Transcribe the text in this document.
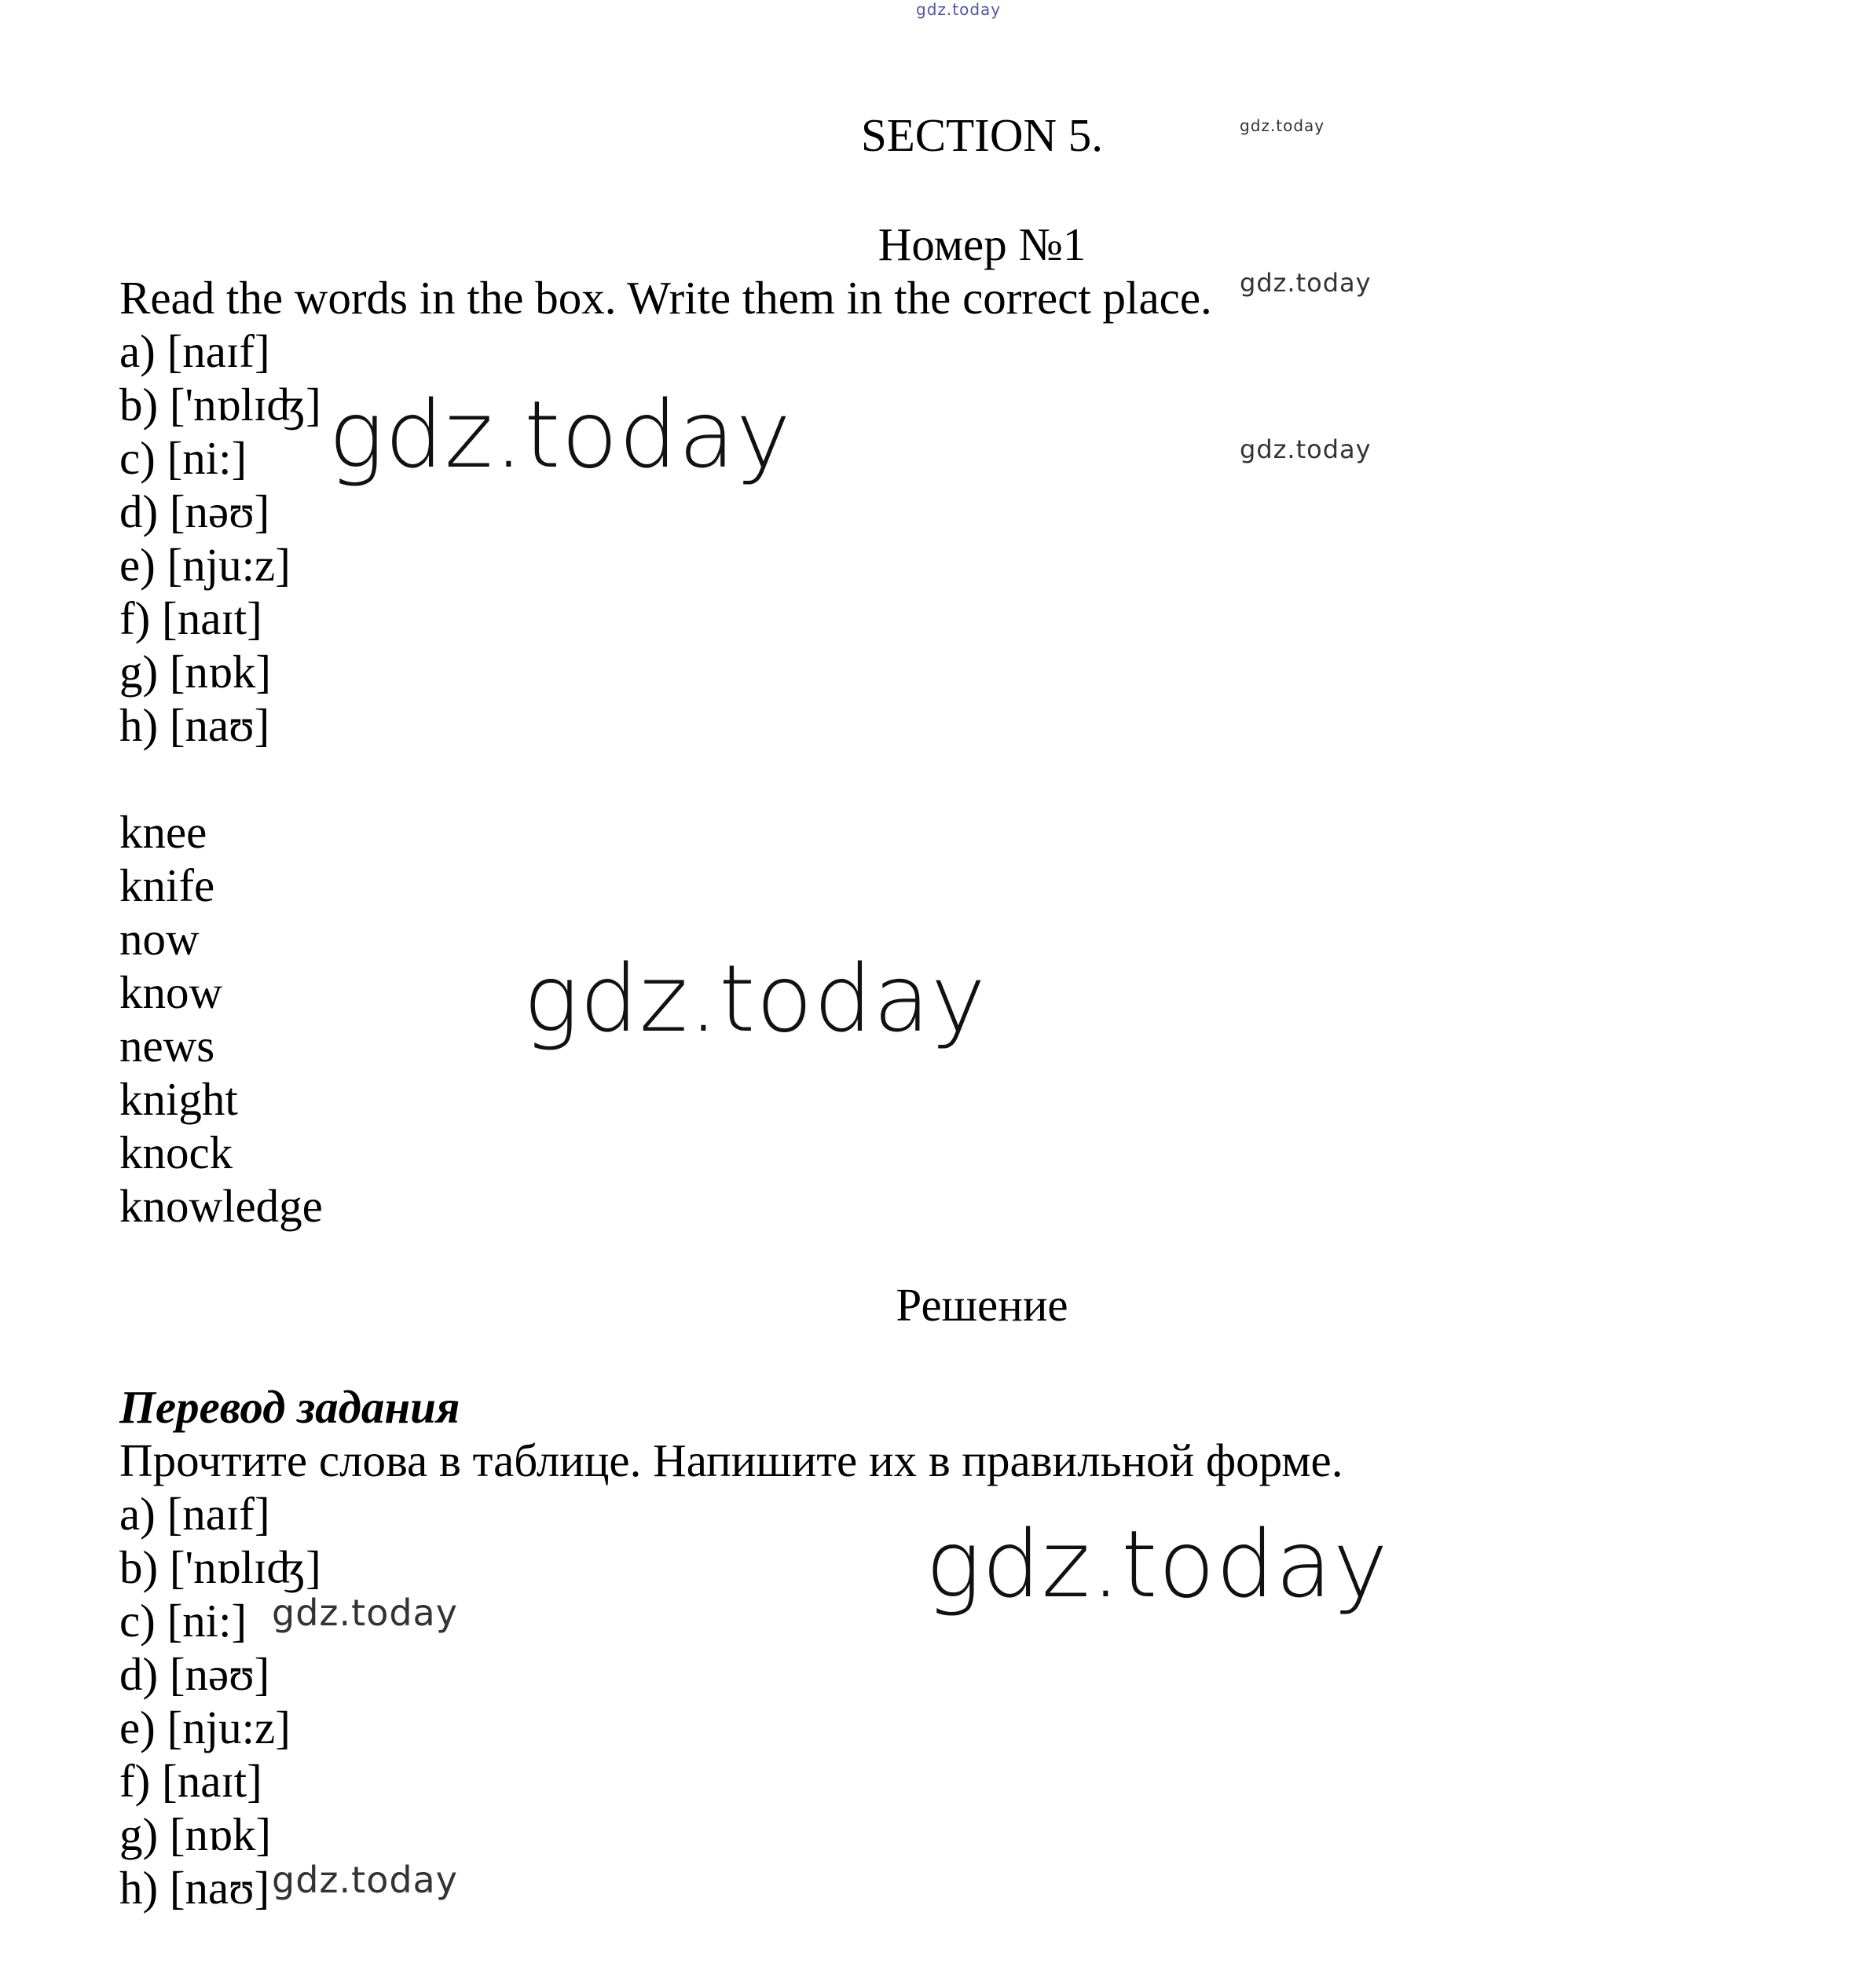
SECTION 5.
Номер №1
Read the words in the box. Write them in the correct place.
a) [naɪf]
b) ['nɒlɪʤ]
c) [ni:]
d) [nəʊ]
e) [nju:z]
f) [naɪt]
g) [nɒk]
h) [naʊ]
knee
knife
now
know
news
knight
knock
knowledge
Решение
Перевод задания
Прочтите слова в таблице. Напишите их в правильной форме.
a) [naɪf]
b) ['nɒlɪʤ]
c) [ni:]
d) [nəʊ]
e) [nju:z]
f) [naɪt]
g) [nɒk]
h) [naʊ]
gdz.today
gdz.today
gdz.today
gdz.today
gdz.today
gdz.today
gdz.today
gdz.today
gdz.today
